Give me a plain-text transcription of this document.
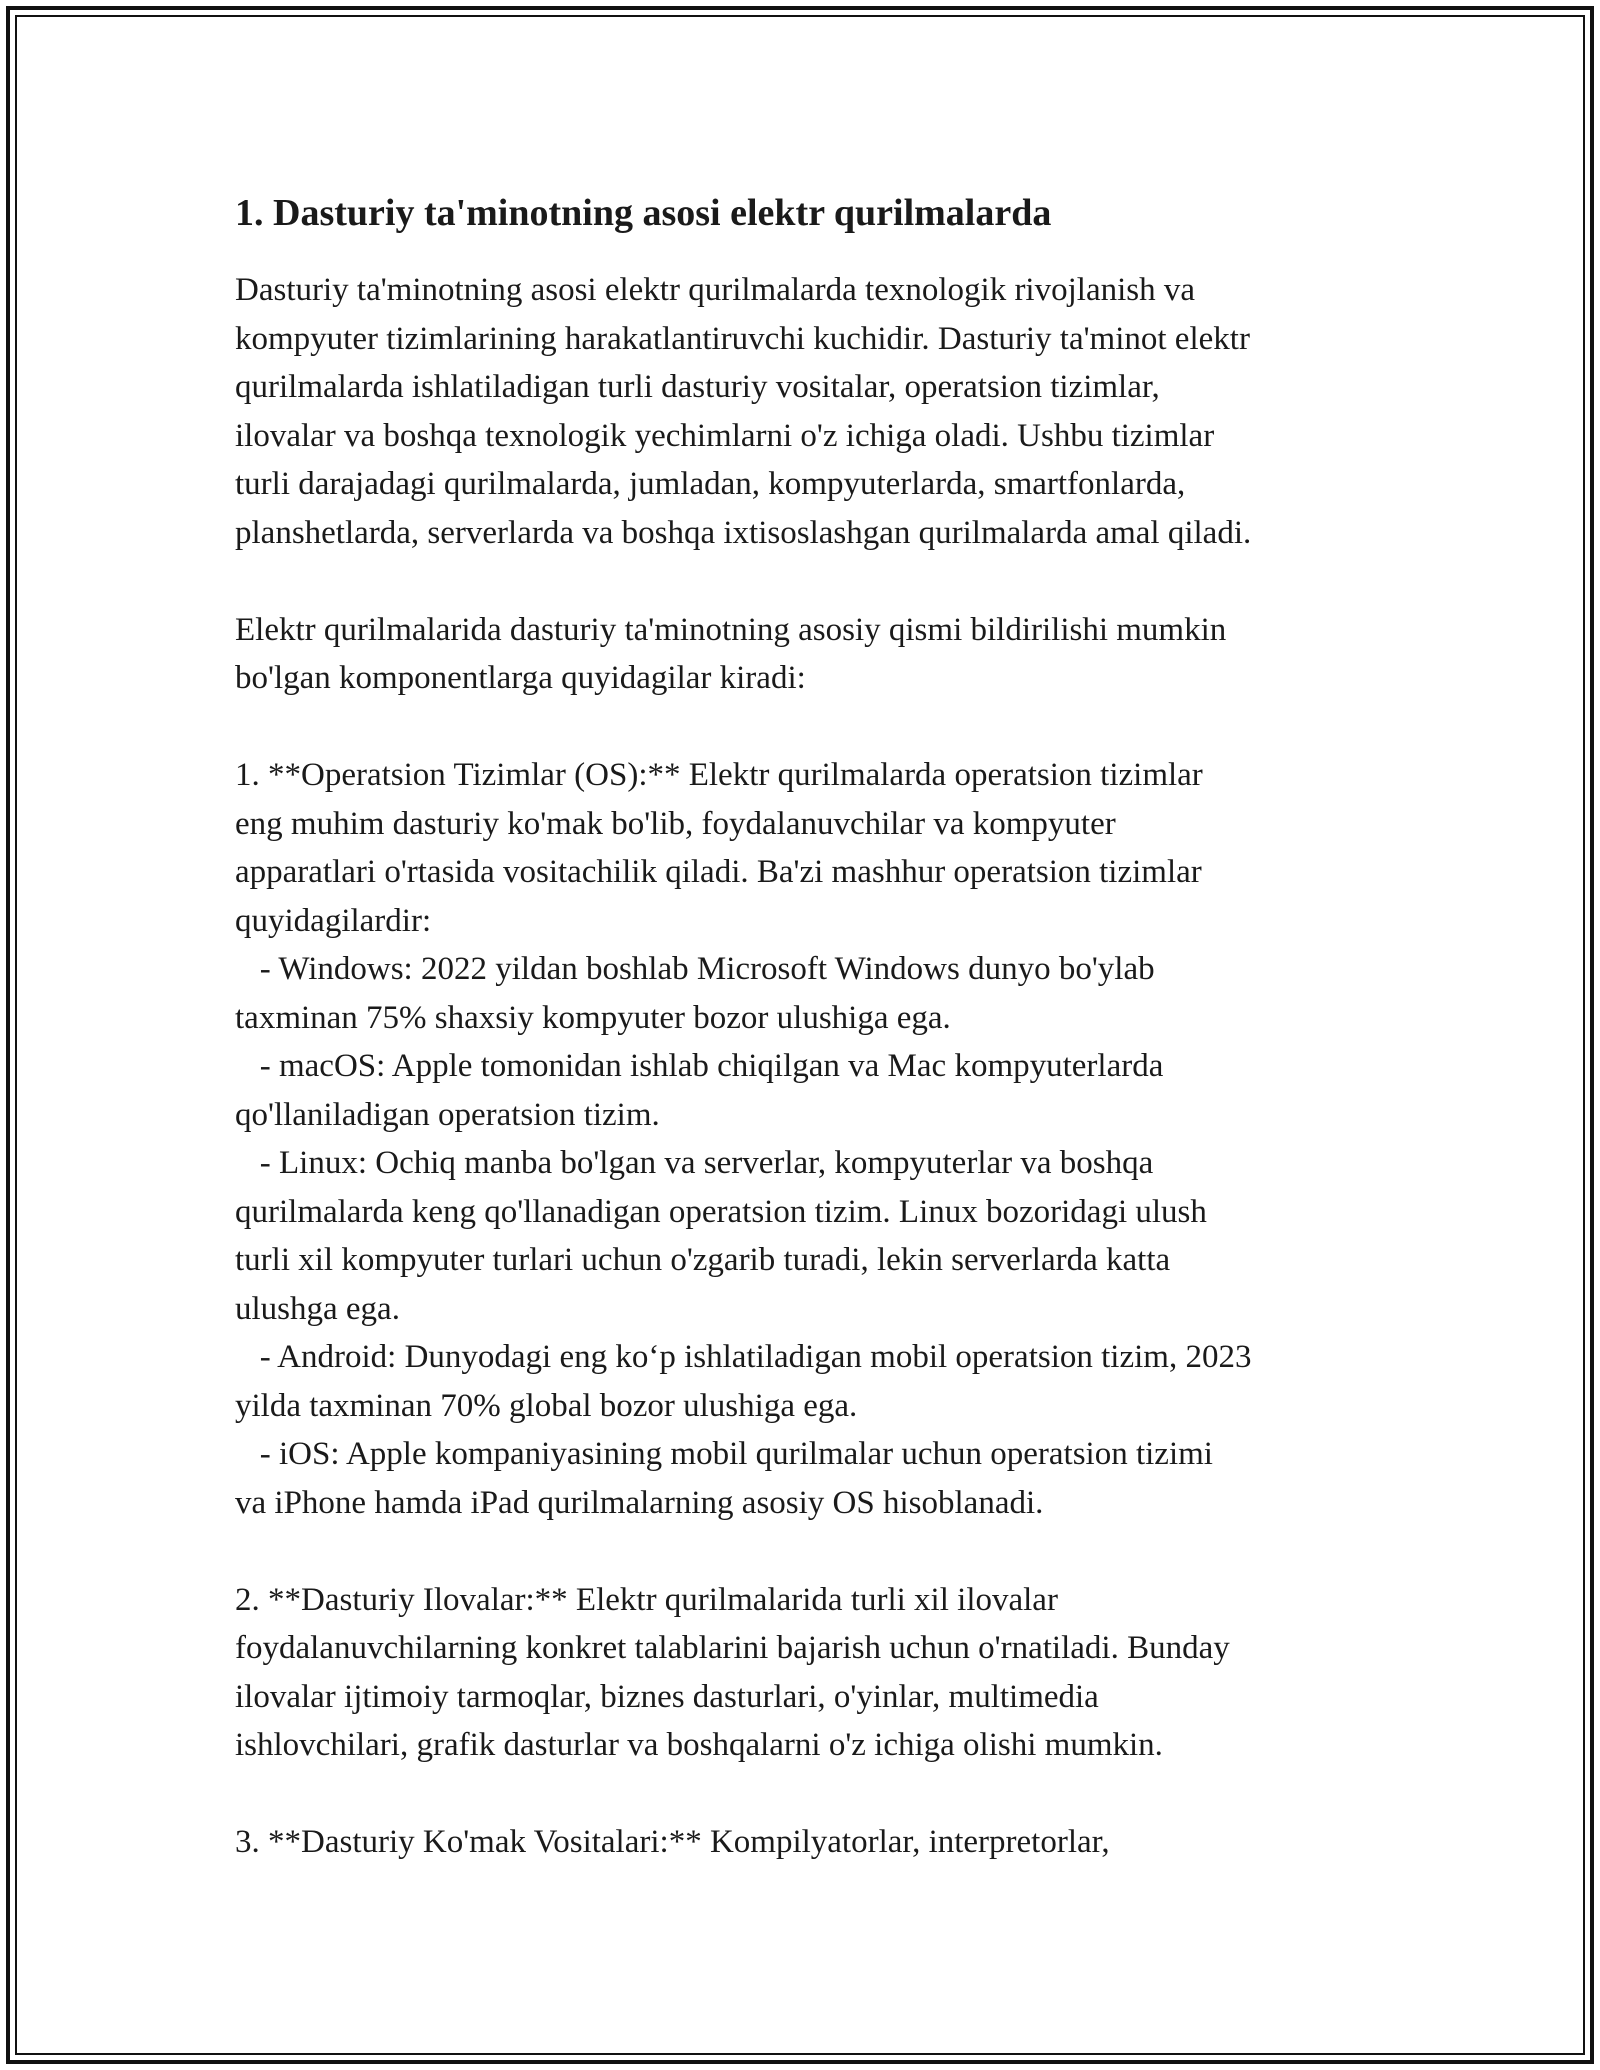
1. Dasturiy ta'minotning asosi elektr qurilmalarda

Dasturiy ta'minotning asosi elektr qurilmalarda texnologik rivojlanish va
kompyuter tizimlarining harakatlantiruvchi kuchidir. Dasturiy ta'minot elektr
qurilmalarda ishlatiladigan turli dasturiy vositalar, operatsion tizimlar,
ilovalar va boshqa texnologik yechimlarni o'z ichiga oladi. Ushbu tizimlar
turli darajadagi qurilmalarda, jumladan, kompyuterlarda, smartfonlarda,
planshetlarda, serverlarda va boshqa ixtisoslashgan qurilmalarda amal qiladi.

Elektr qurilmalarida dasturiy ta'minotning asosiy qismi bildirilishi mumkin
bo'lgan komponentlarga quyidagilar kiradi:

1. **Operatsion Tizimlar (OS):** Elektr qurilmalarda operatsion tizimlar
eng muhim dasturiy ko'mak bo'lib, foydalanuvchilar va kompyuter
apparatlari o'rtasida vositachilik qiladi. Ba'zi mashhur operatsion tizimlar
quyidagilardir:
- Windows: 2022 yildan boshlab Microsoft Windows dunyo bo'ylab
taxminan 75% shaxsiy kompyuter bozor ulushiga ega.
- macOS: Apple tomonidan ishlab chiqilgan va Mac kompyuterlarda
qo'llaniladigan operatsion tizim.
- Linux: Ochiq manba bo'lgan va serverlar, kompyuterlar va boshqa
qurilmalarda keng qo'llanadigan operatsion tizim. Linux bozoridagi ulush
turli xil kompyuter turlari uchun o'zgarib turadi, lekin serverlarda katta
ulushga ega.
- Android: Dunyodagi eng ko‘p ishlatiladigan mobil operatsion tizim, 2023
yilda taxminan 70% global bozor ulushiga ega.
- iOS: Apple kompaniyasining mobil qurilmalar uchun operatsion tizimi
va iPhone hamda iPad qurilmalarning asosiy OS hisoblanadi.

2. **Dasturiy Ilovalar:** Elektr qurilmalarida turli xil ilovalar
foydalanuvchilarning konkret talablarini bajarish uchun o'rnatiladi. Bunday
ilovalar ijtimoiy tarmoqlar, biznes dasturlari, o'yinlar, multimedia
ishlovchilari, grafik dasturlar va boshqalarni o'z ichiga olishi mumkin.

3. **Dasturiy Ko'mak Vositalari:** Kompilyatorlar, interpretorlar,
